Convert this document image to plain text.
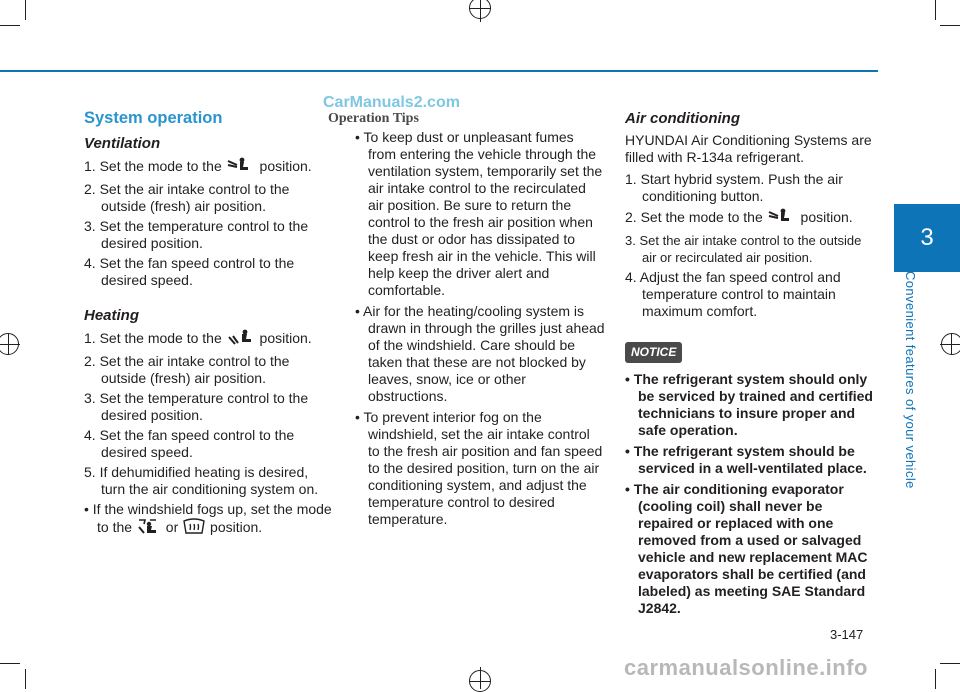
CarManuals2.com
3
Convenient features of your vehicle
System operation
Ventilation

1. Set the mode to the  position.

2. Set the air intake control to the outside (fresh) air position.

3. Set the temperature control to the desired position.

4. Set the fan speed control to the desired speed.

Heating

1. Set the mode to the  position.

2. Set the air intake control to the outside (fresh) air position.

3. Set the temperature control to the desired position.

4. Set the fan speed control to the desired speed.

5. If dehumidified heating is desired, turn the air conditioning system on.

• If the windshield fogs up, set the mode to the  or  position.

Operation Tips

• To keep dust or unpleasant fumes from entering the vehicle through the ventilation system, temporarily set the air intake control to the recirculated air position. Be sure to return the control to the fresh air position when the dust or odor has dissipated to keep fresh air in the vehicle. This will help keep the driver alert and comfortable.

• Air for the heating/cooling system is drawn in through the grilles just ahead of the windshield. Care should be taken that these are not blocked by leaves, snow, ice or other obstructions.

• To prevent interior fog on the windshield, set the air intake control to the fresh air position and fan speed to the desired position, turn on the air conditioning system, and adjust the temperature control to desired temperature.

Air conditioning

HYUNDAI Air Conditioning Systems are filled with R-134a refrigerant.

1. Start hybrid system. Push the air conditioning button.

2. Set the mode to the  position.

3. Set the air intake control to the outside air or recirculated air position.

4. Adjust the fan speed control and temperature control to maintain maximum comfort.

NOTICE

• The refrigerant system should only be serviced by trained and certified technicians to insure proper and safe operation.

• The refrigerant system should be serviced in a well-ventilated place.

• The air conditioning evaporator (cooling coil) shall never be repaired or replaced with one removed from a used or salvaged vehicle and new replacement MAC evaporators shall be certified (and labeled) as meeting SAE Standard J2842.

3-147
carmanualsonline.info
